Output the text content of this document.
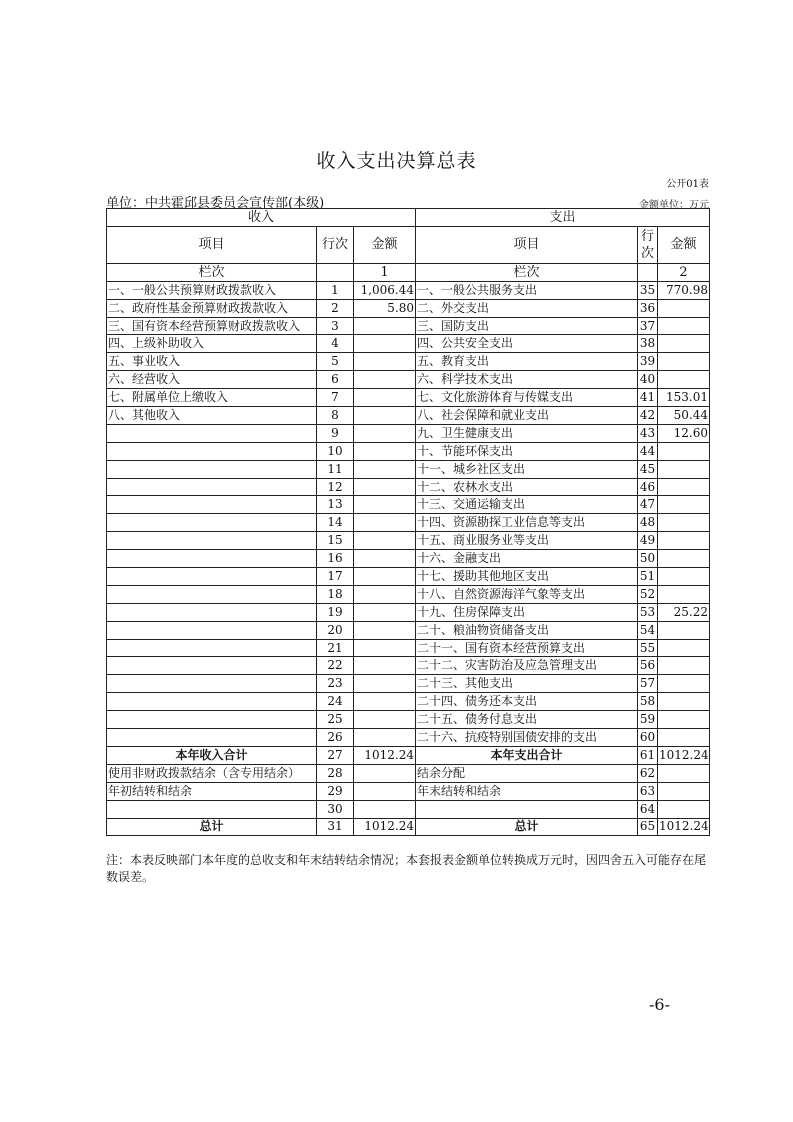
收入支出决算总表
公开01表
单位：中共霍邱县委员会宣传部(本级)	金额单位：万元
收入			支出		
项目	行次	金额	项目	行次	金额
栏次		1	栏次		2
一、一般公共预算财政拨款收入	1	1,006.44	一、一般公共服务支出	35	770.98
二、政府性基金预算财政拨款收入	2	5.80	二、外交支出	36	
三、国有资本经营预算财政拨款收入	3		三、国防支出	37	
四、上级补助收入	4		四、公共安全支出	38	
五、事业收入	5		五、教育支出	39	
六、经营收入	6		六、科学技术支出	40	
七、附属单位上缴收入	7		七、文化旅游体育与传媒支出	41	153.01
八、其他收入	8		八、社会保障和就业支出	42	50.44
	9		九、卫生健康支出	43	12.60
	10		十、节能环保支出	44	
	11		十一、城乡社区支出	45	
	12		十二、农林水支出	46	
	13		十三、交通运输支出	47	
	14		十四、资源勘探工业信息等支出	48	
	15		十五、商业服务业等支出	49	
	16		十六、金融支出	50	
	17		十七、援助其他地区支出	51	
	18		十八、自然资源海洋气象等支出	52	
	19		十九、住房保障支出	53	25.22
	20		二十、粮油物资储备支出	54	
	21		二十一、国有资本经营预算支出	55	
	22		二十二、灾害防治及应急管理支出	56	
	23		二十三、其他支出	57	
	24		二十四、债务还本支出	58	
	25		二十五、债务付息支出	59	
	26		二十六、抗疫特别国债安排的支出	60	
本年收入合计	27	1012.24	本年支出合计	61	1012.24
使用非财政拨款结余（含专用结余）	28		结余分配	62	
年初结转和结余	29		年末结转和结余	63	
	30			64	
总计	31	1012.24	总计	65	1012.24
注：本表反映部门本年度的总收支和年末结转结余情况；本套报表金额单位转换成万元时，因四舍五入可能存在尾数误差。
-6-
